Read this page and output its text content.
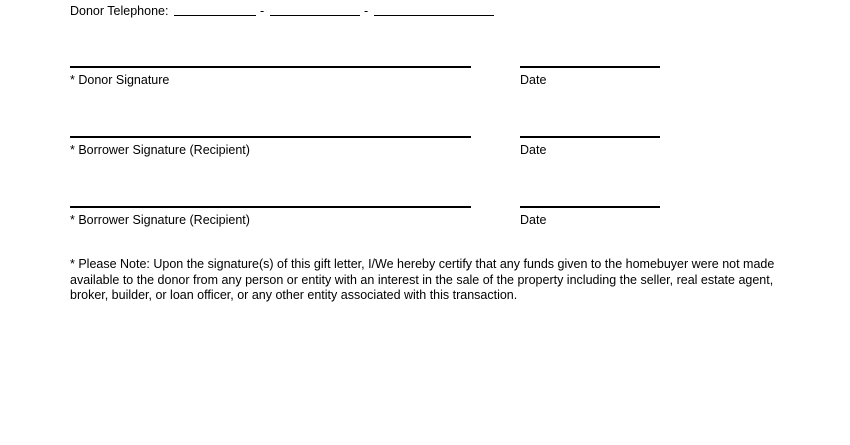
Donor Telephone:	-	-
* Donor Signature	Date
* Borrower Signature (Recipient)	Date
* Borrower Signature (Recipient)	Date
* Please Note: Upon the signature(s) of this gift letter, I/We hereby certify that any funds given to the homebuyer were not made available to the donor from any person or entity with an interest in the sale of the property including the seller, real estate agent, broker, builder, or loan officer, or any other entity associated with this transaction.
